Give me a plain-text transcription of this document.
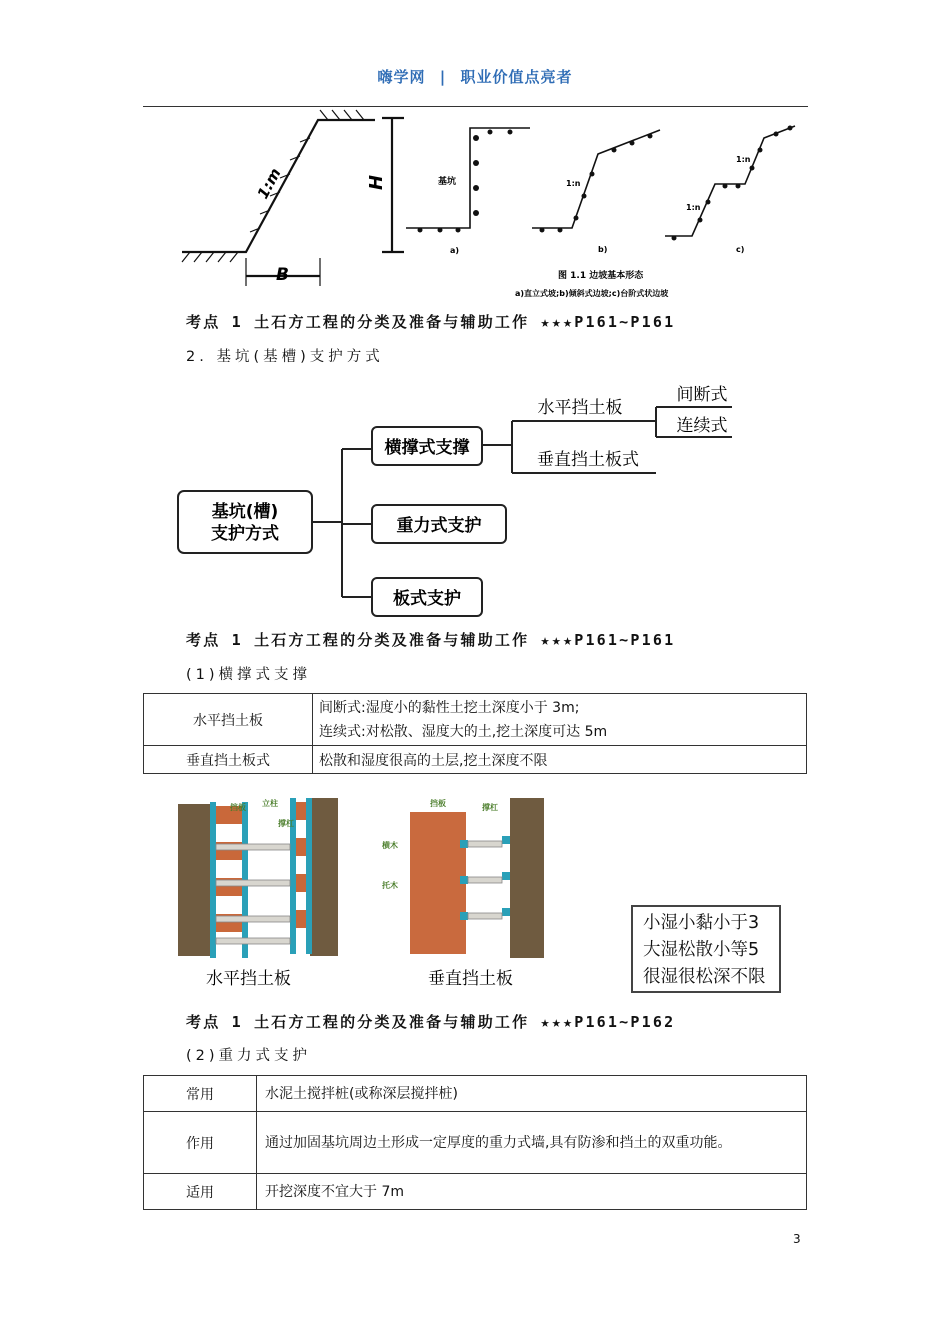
嗨学网 | 职业价值点亮者
1:m	H
B
基坑
a)
1:n
b)
1:n
1:n
c)
图 1.1 边坡基本形态
a)直立式坡;b)倾斜式边坡;c)台阶式状边坡
考点 1 土石方工程的分类及准备与辅助工作 ★★★P161~P161
2. 基坑(基槽)支护方式
基坑(槽)
支护方式
横撑式支撑
重力式支护
板式支护
水平挡土板
垂直挡土板式
间断式
连续式
考点 1 土石方工程的分类及准备与辅助工作 ★★★P161~P161
(1)横撑式支撑
水平挡土板	间断式:湿度小的黏性土挖土深度小于 3m;
连续式:对松散、湿度大的土,挖土深度可达 5m

垂直挡土板式	松散和湿度很高的土层,挖土深度不限
挡板 立柱
撑杠
水平挡土板
挡板	撑杠
横木
托木
垂直挡土板
小湿小黏小于3
大湿松散小等5
很湿很松深不限
考点 1 土石方工程的分类及准备与辅助工作 ★★★P161~P162
(2)重力式支护
常用	水泥土搅拌桩(或称深层搅拌桩)
作用	通过加固基坑周边土形成一定厚度的重力式墙,具有防渗和挡土的双重功能。
适用	开挖深度不宜大于 7m
3
